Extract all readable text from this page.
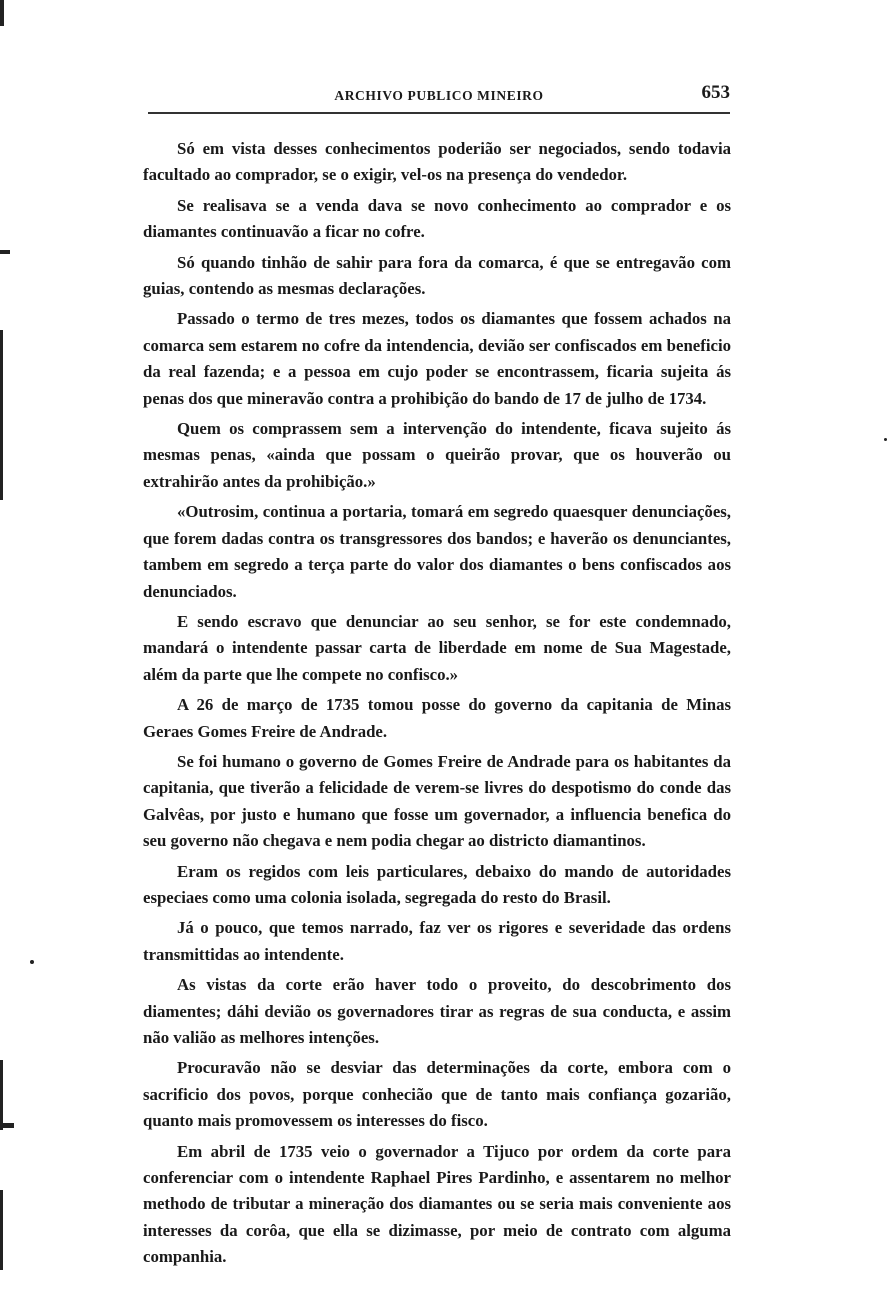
ARCHIVO PUBLICO MINEIRO	653

Só em vista desses conhecimentos poderião ser negociados, sendo todavia facultado ao comprador, se o exigir, vel-os na presença do vendedor.

Se realisava se a venda dava se novo conhecimento ao comprador e os diamantes continuavão a ficar no cofre.

Só quando tinhão de sahir para fora da comarca, é que se entregavão com guias, contendo as mesmas declarações.

Passado o termo de tres mezes, todos os diamantes que fossem achados na comarca sem estarem no cofre da intendencia, devião ser confiscados em beneficio da real fazenda; e a pessoa em cujo poder se encontrassem, ficaria sujeita ás penas dos que mineravão contra a prohibição do bando de 17 de julho de 1734.

Quem os comprassem sem a intervenção do intendente, ficava sujeito ás mesmas penas, «ainda que possam o queirão provar, que os houverão ou extrahirão antes da prohibição.»

«Outrosim, continua a portaria, tomará em segredo quaesquer denunciações, que forem dadas contra os transgressores dos bandos; e haverão os denunciantes, tambem em segredo a terça parte do valor dos diamantes o bens confiscados aos denunciados.

E sendo escravo que denunciar ao seu senhor, se for este condemnado, mandará o intendente passar carta de liberdade em nome de Sua Magestade, além da parte que lhe compete no confisco.»

A 26 de março de 1735 tomou posse do governo da capitania de Minas Geraes Gomes Freire de Andrade.

Se foi humano o governo de Gomes Freire de Andrade para os habitantes da capitania, que tiverão a felicidade de verem-se livres do despotismo do conde das Galvêas, por justo e humano que fosse um governador, a influencia benefica do seu governo não chegava e nem podia chegar ao districto diamantinos.

Eram os regidos com leis particulares, debaixo do mando de autoridades especiaes como uma colonia isolada, segregada do resto do Brasil.

Já o pouco, que temos narrado, faz ver os rigores e severidade das ordens transmittidas ao intendente.

As vistas da corte erão haver todo o proveito, do descobrimento dos diamentes; dáhi devião os governadores tirar as regras de sua conducta, e assim não valião as melhores intenções.

Procuravão não se desviar das determinações da corte, embora com o sacrificio dos povos, porque conhecião que de tanto mais confiança gozarião, quanto mais promovessem os interesses do fisco.

Em abril de 1735 veio o governador a Tijuco por ordem da corte para conferenciar com o intendente Raphael Pires Pardinho, e assentarem no melhor methodo de tributar a mineração dos diamantes ou se seria mais conveniente aos interesses da corôa, que ella se dizimasse, por meio de contrato com alguma companhia.
